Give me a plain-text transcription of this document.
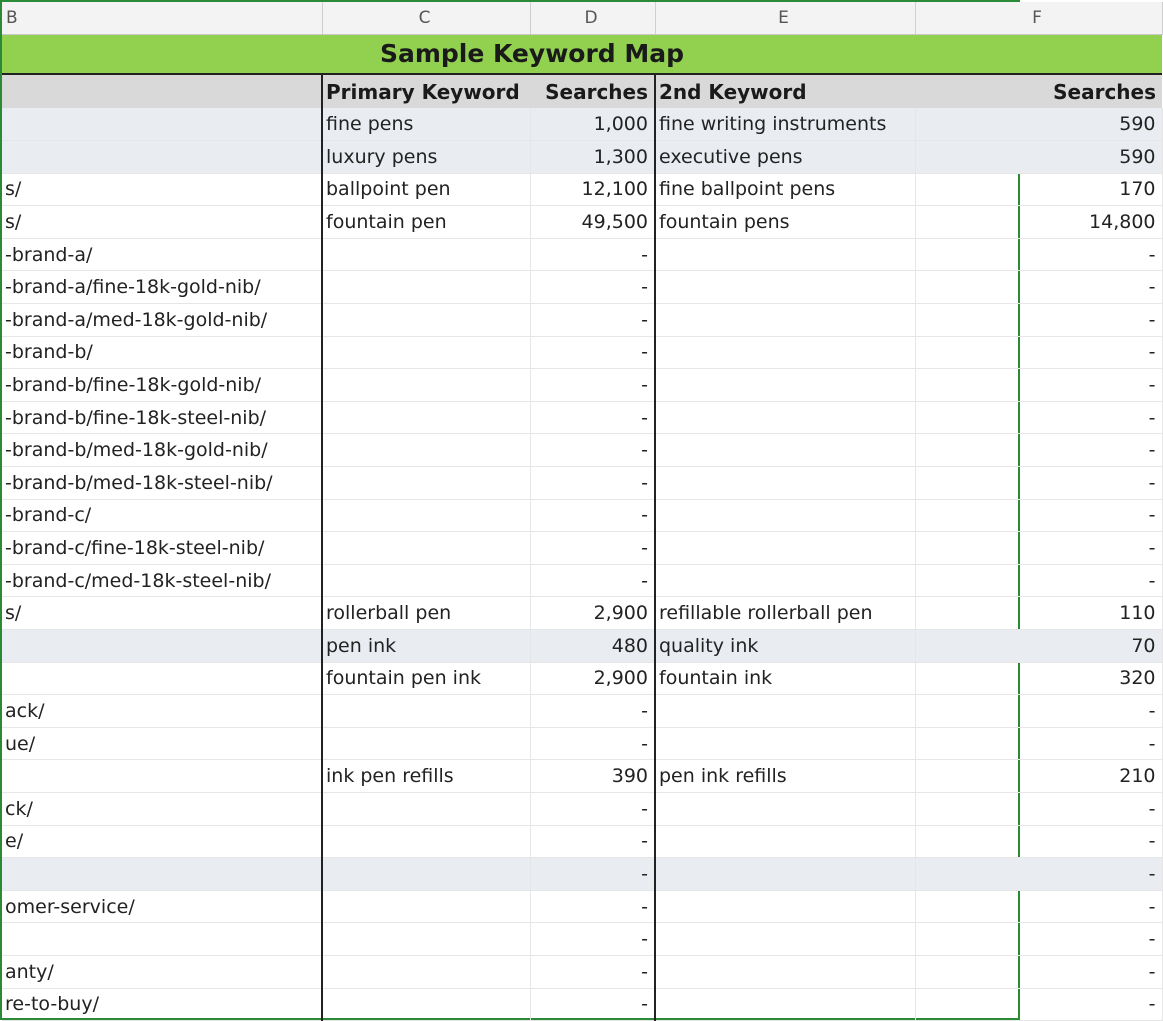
B	C	D	E	F
Sample Keyword Map				
	Primary Keyword	Searches	2nd Keyword	Searches
	fine pens	1,000	fine writing instruments	590
	luxury pens	1,300	executive pens	590
s/	ballpoint pen	12,100	fine ballpoint pens	170
s/	fountain pen	49,500	fountain pens	14,800
-brand-a/		-		-
-brand-a/fine-18k-gold-nib/		-		-
-brand-a/med-18k-gold-nib/		-		-
-brand-b/		-		-
-brand-b/fine-18k-gold-nib/		-		-
-brand-b/fine-18k-steel-nib/		-		-
-brand-b/med-18k-gold-nib/		-		-
-brand-b/med-18k-steel-nib/		-		-
-brand-c/		-		-
-brand-c/fine-18k-steel-nib/		-		-
-brand-c/med-18k-steel-nib/		-		-
s/	rollerball pen	2,900	refillable rollerball pen	110
	pen ink	480	quality ink	70
	fountain pen ink	2,900	fountain ink	320
ack/		-		-
ue/		-		-
	ink pen refills	390	pen ink refills	210
ck/		-		-
e/		-		-
		-		-
omer-service/		-		-
		-		-
anty/		-		-
re-to-buy/		-		-
